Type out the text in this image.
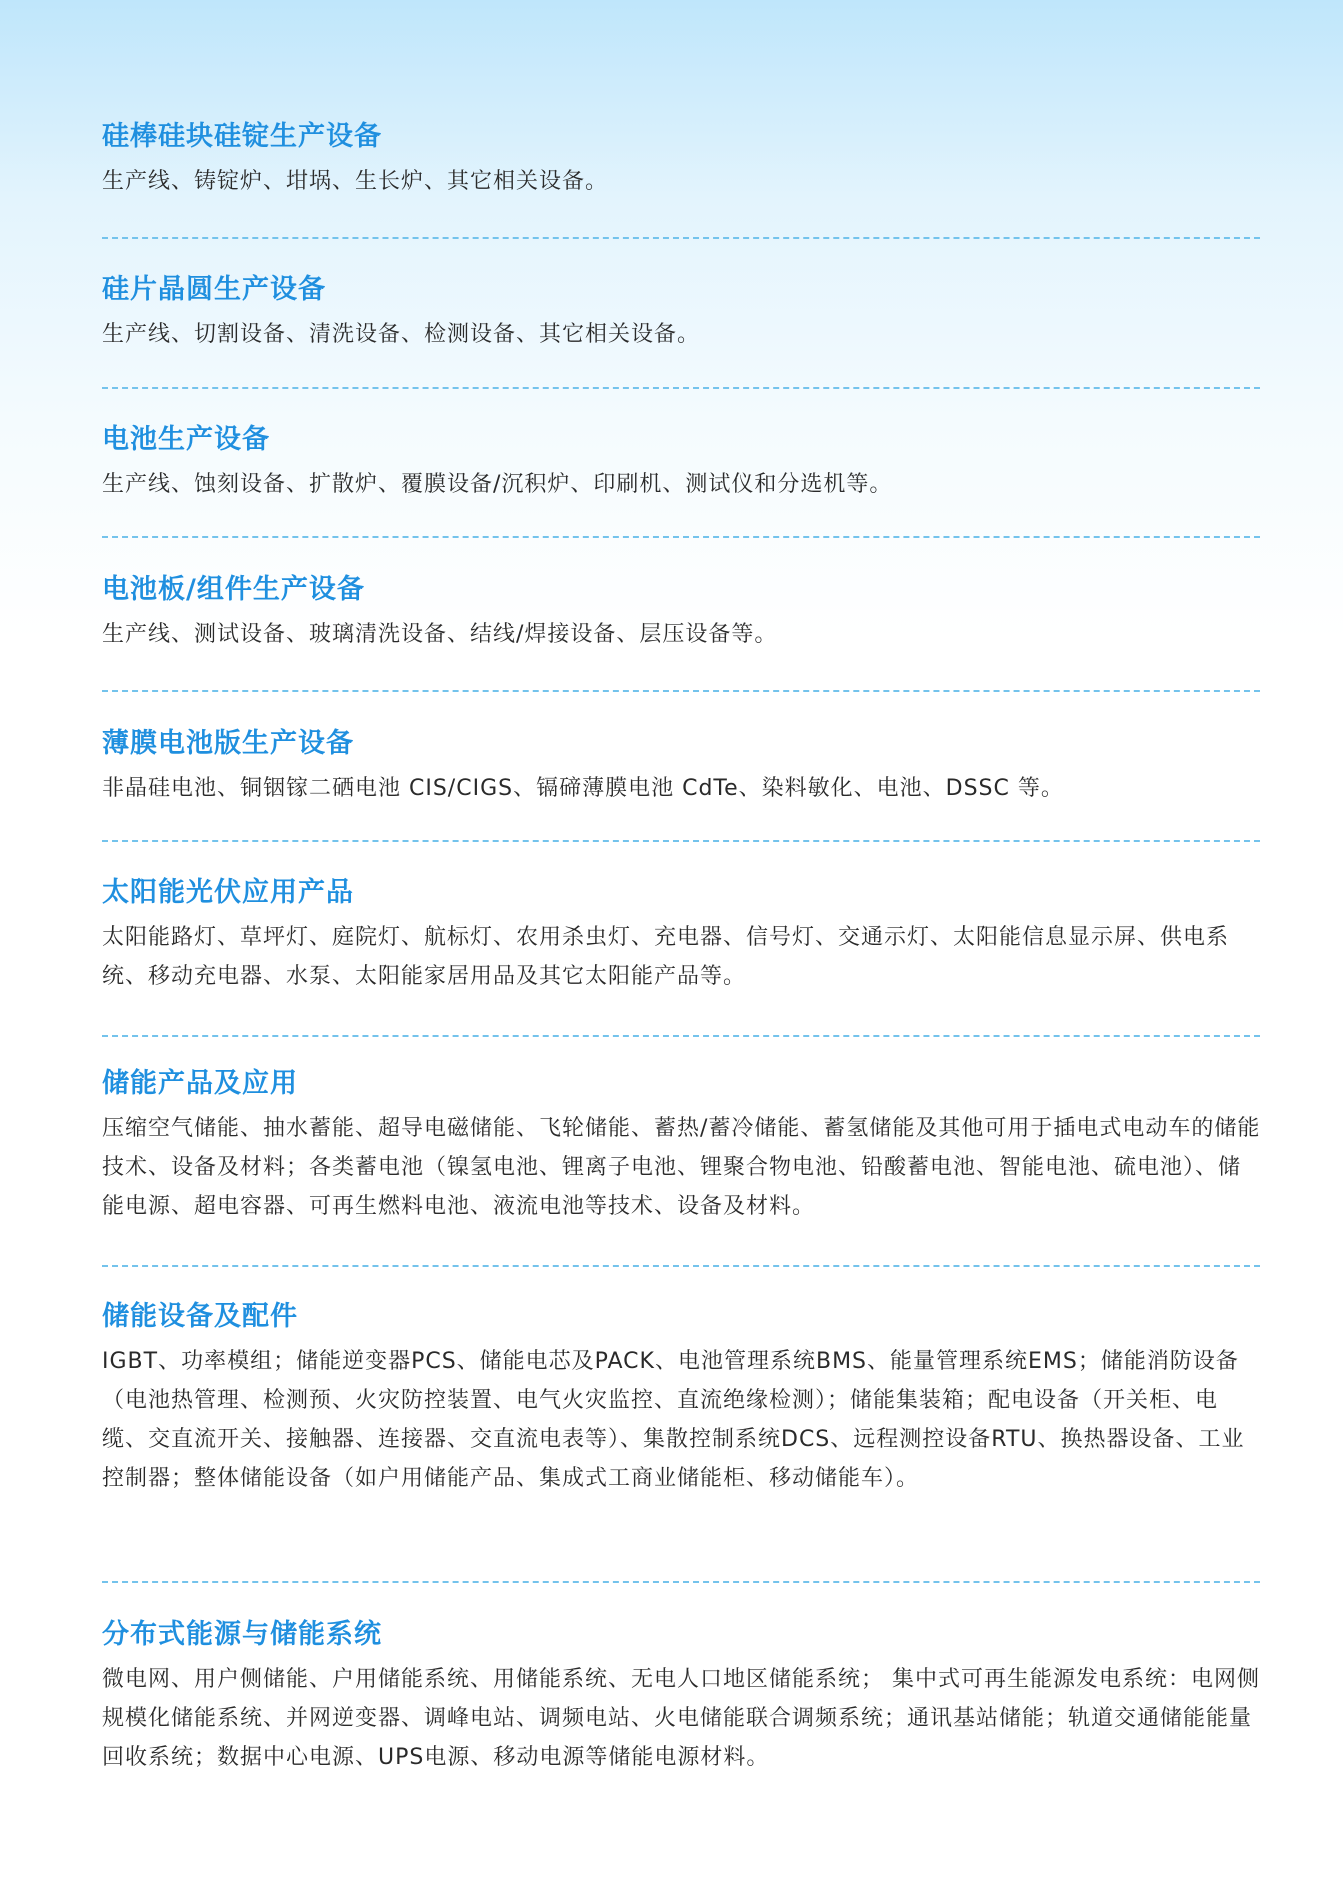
硅棒硅块硅锭生产设备

生产线、铸锭炉、坩埚、生长炉、其它相关设备。

硅片晶圆生产设备

生产线、切割设备、清洗设备、检测设备、其它相关设备。

电池生产设备

生产线、蚀刻设备、扩散炉、覆膜设备/沉积炉、印刷机、测试仪和分选机等。

电池板/组件生产设备

生产线、测试设备、玻璃清洗设备、结线/焊接设备、层压设备等。

薄膜电池版生产设备

非晶硅电池、铜铟镓二硒电池 CIS/CIGS、镉碲薄膜电池 CdTe、染料敏化、电池、DSSC 等。

太阳能光伏应用产品

太阳能路灯、草坪灯、庭院灯、航标灯、农用杀虫灯、充电器、信号灯、交通示灯、太阳能信息显示屏、供电系统、移动充电器、水泵、太阳能家居用品及其它太阳能产品等。

储能产品及应用

压缩空气储能、抽水蓄能、超导电磁储能、飞轮储能、蓄热/蓄冷储能、蓄氢储能及其他可用于插电式电动车的储能技术、设备及材料；各类蓄电池（镍氢电池、锂离子电池、锂聚合物电池、铅酸蓄电池、智能电池、硫电池）、储能电源、超电容器、可再生燃料电池、液流电池等技术、设备及材料。

储能设备及配件

IGBT、功率模组；储能逆变器PCS、储能电芯及PACK、电池管理系统BMS、能量管理系统EMS；储能消防设备（电池热管理、检测预、火灾防控装置、电气火灾监控、直流绝缘检测）；储能集装箱；配电设备（开关柜、电缆、交直流开关、接触器、连接器、交直流电表等）、集散控制系统DCS、远程测控设备RTU、换热器设备、工业控制器；整体储能设备（如户用储能产品、集成式工商业储能柜、移动储能车）。

分布式能源与储能系统

微电网、用户侧储能、户用储能系统、用储能系统、无电人口地区储能系统； 集中式可再生能源发电系统：电网侧规模化储能系统、并网逆变器、调峰电站、调频电站、火电储能联合调频系统；通讯基站储能；轨道交通储能能量回收系统；数据中心电源、UPS电源、移动电源等储能电源材料。
